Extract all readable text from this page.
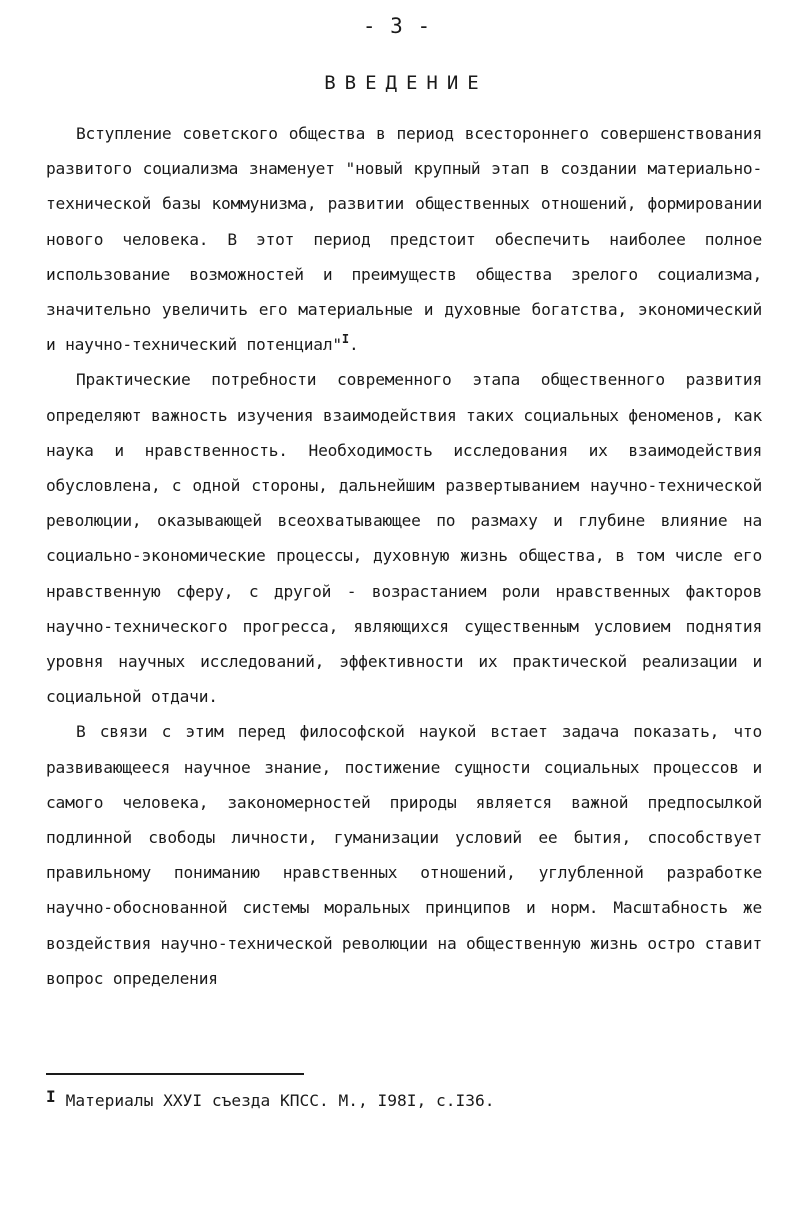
- 3 -
ВВЕДЕНИЕ

Вступление советского общества в период всестороннего совершенствования развитого социализма знаменует "новый крупный этап в создании материально-технической базы коммунизма, развитии общественных отношений, формировании нового человека. В этот период предстоит обеспечить наиболее полное использование возможностей и преимуществ общества зрелого социализма, значительно увеличить его материальные и духовные богатства, экономический и научно-технический потенциал"$^I$.

Практические потребности современного этапа общественного развития определяют важность изучения взаимодействия таких социальных феноменов, как наука и нравственность. Необходимость исследования их взаимодействия обусловлена, с одной стороны, дальнейшим развертыванием научно-технической революции, оказывающей всеохватывающее по размаху и глубине влияние на социально-экономические процессы, духовную жизнь общества, в том числе его нравственную сферу, с другой - возрастанием роли нравственных факторов научно-технического прогресса, являющихся существенным условием поднятия уровня научных исследований, эффективности их практической реализации и социальной отдачи.

В связи с этим перед философской наукой встает задача показать, что развивающееся научное знание, постижение сущности социальных процессов и самого человека, закономерностей природы является важной предпосылкой подлинной свободы личности, гуманизации условий ее бытия, способствует правильному пониманию нравственных отношений, углубленной разработке научно-обоснованной системы моральных принципов и норм. Масштабность же воздействия научно-технической революции на общественную жизнь остро ставит вопрос определения

I Материалы XXУI съезда КПСС. М., I98I, с.I36.
